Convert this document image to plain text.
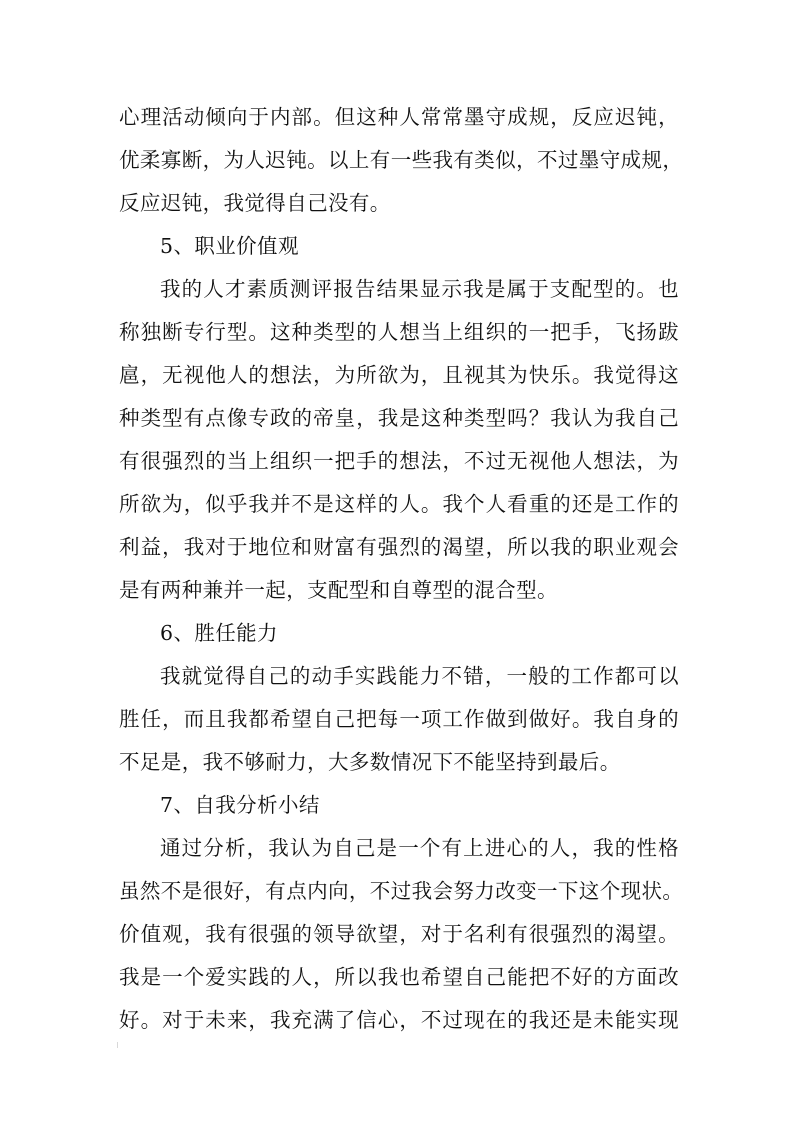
心理活动倾向于内部。但这种人常常墨守成规，反应迟钝，
优柔寡断，为人迟钝。以上有一些我有类似，不过墨守成规，
反应迟钝，我觉得自己没有。
5、职业价值观
我的人才素质测评报告结果显示我是属于支配型的。也
称独断专行型。这种类型的人想当上组织的一把手，飞扬跋
扈，无视他人的想法，为所欲为，且视其为快乐。我觉得这
种类型有点像专政的帝皇，我是这种类型吗？我认为我自己
有很强烈的当上组织一把手的想法，不过无视他人想法，为
所欲为，似乎我并不是这样的人。我个人看重的还是工作的
利益，我对于地位和财富有强烈的渴望，所以我的职业观会
是有两种兼并一起，支配型和自尊型的混合型。
6、胜任能力
我就觉得自己的动手实践能力不错，一般的工作都可以
胜任，而且我都希望自己把每一项工作做到做好。我自身的
不足是，我不够耐力，大多数情况下不能坚持到最后。
7、自我分析小结
通过分析，我认为自己是一个有上进心的人，我的性格
虽然不是很好，有点内向，不过我会努力改变一下这个现状。
价值观，我有很强的领导欲望，对于名利有很强烈的渴望。
我是一个爱实践的人，所以我也希望自己能把不好的方面改
好。对于未来，我充满了信心，不过现在的我还是未能实现
